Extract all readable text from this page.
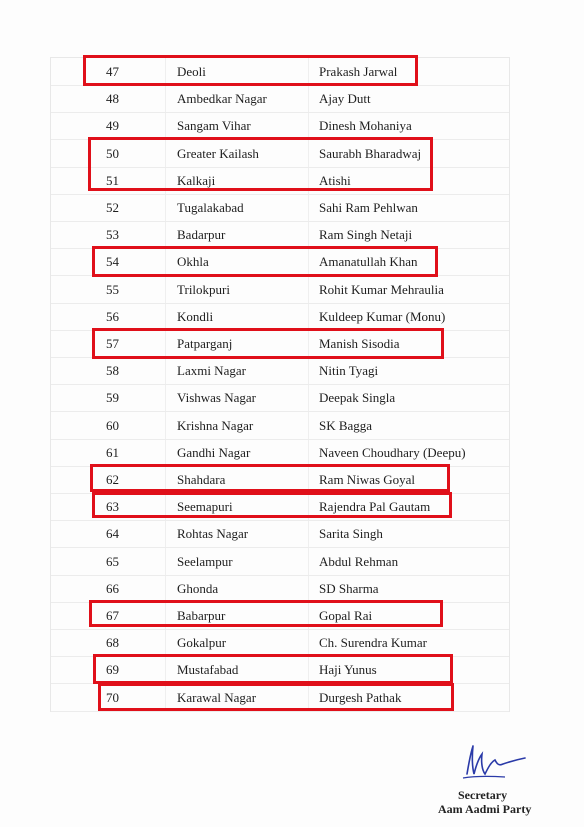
47	Deoli	Prakash Jarwal
48	Ambedkar Nagar	Ajay Dutt
49	Sangam Vihar	Dinesh Mohaniya
50	Greater Kailash	Saurabh Bharadwaj
51	Kalkaji	Atishi
52	Tugalakabad	Sahi Ram Pehlwan
53	Badarpur	Ram Singh Netaji
54	Okhla	Amanatullah Khan
55	Trilokpuri	Rohit Kumar Mehraulia
56	Kondli	Kuldeep Kumar (Monu)
57	Patparganj	Manish Sisodia
58	Laxmi Nagar	Nitin Tyagi
59	Vishwas Nagar	Deepak Singla
60	Krishna Nagar	SK Bagga
61	Gandhi Nagar	Naveen Choudhary (Deepu)
62	Shahdara	Ram Niwas Goyal
63	Seemapuri	Rajendra Pal Gautam
64	Rohtas Nagar	Sarita Singh
65	Seelampur	Abdul Rehman
66	Ghonda	SD Sharma
67	Babarpur	Gopal Rai
68	Gokalpur	Ch. Surendra Kumar
69	Mustafabad	Haji Yunus
70	Karawal Nagar	Durgesh Pathak
Secretary
Aam Aadmi Party
